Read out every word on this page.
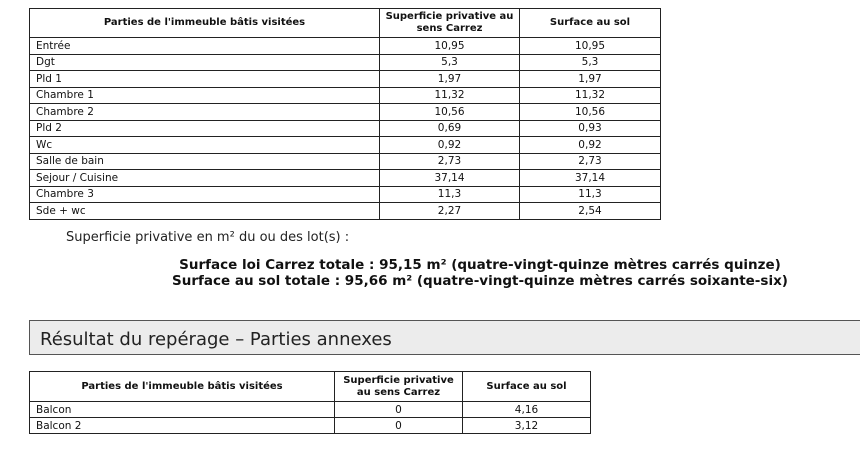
Parties de l'immeuble bâtis visitées	Superficie privative au sens Carrez	Surface au sol
Entrée	10,95	10,95
Dgt	5,3	5,3
Pld 1	1,97	1,97
Chambre 1	11,32	11,32
Chambre 2	10,56	10,56
Pld 2	0,69	0,93
Wc	0,92	0,92
Salle de bain	2,73	2,73
Sejour / Cuisine	37,14	37,14
Chambre 3	11,3	11,3
Sde + wc	2,27	2,54
Superficie privative en m² du ou des lot(s) :
Surface loi Carrez totale : 95,15 m² (quatre-vingt-quinze mètres carrés quinze)
Surface au sol totale : 95,66 m² (quatre-vingt-quinze mètres carrés soixante-six)
Résultat du repérage – Parties annexes
Parties de l'immeuble bâtis visitées	Superficie privative au sens Carrez	Surface au sol
Balcon	0	4,16
Balcon 2	0	3,12
